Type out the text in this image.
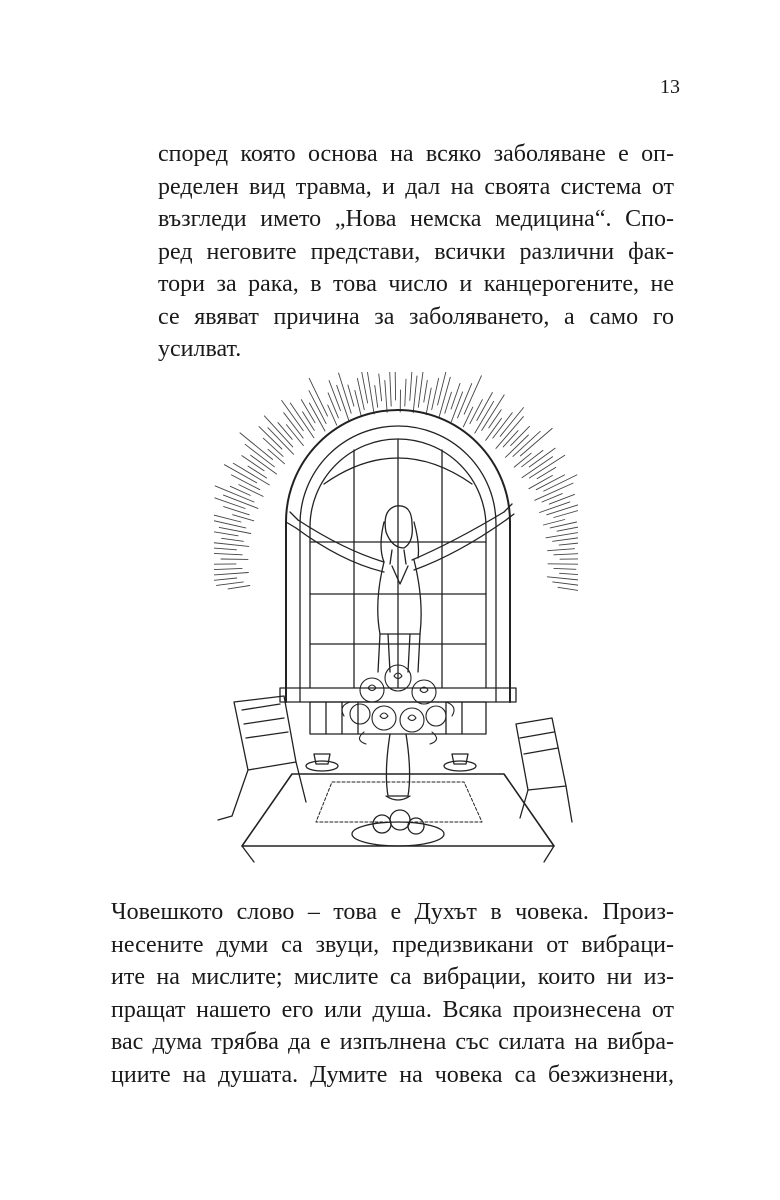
13
според която основа на всяко заболяване е оп-
ределен вид травма, и дал на своята система от
възгледи името „Нова немска медицина“. Спо-
ред неговите представи, всички различни фак-
тори за рака, в това число и канцерогените, не
се явяват причина за заболяването, а само го
усилват.
Човешкото слово – това е Духът в човека. Произ-
несените думи са звуци, предизвикани от вибраци-
ите на мислите; мислите са вибрации, които ни из-
пращат нашето его или душа. Всяка произнесена от
вас дума трябва да е изпълнена със силата на вибра-
циите на душата. Думите на човека са безжизнени,
